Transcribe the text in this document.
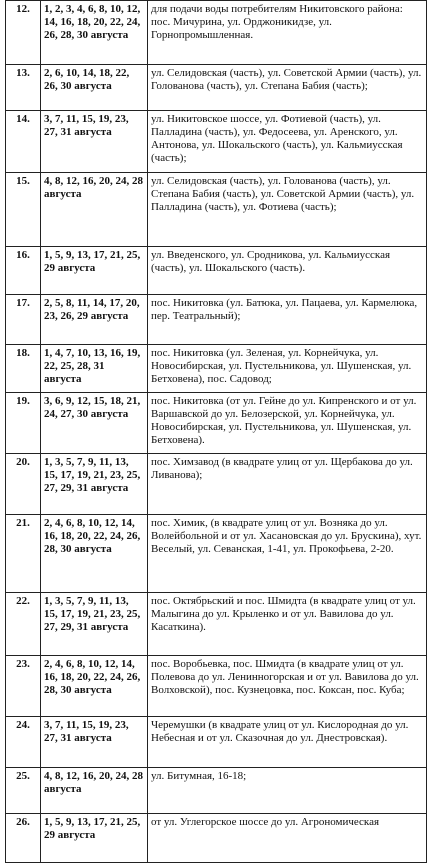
12.	1, 2, 3, 4, 6, 8, 10, 12, 14, 16, 18, 20, 22, 24, 26, 28, 30 августа	для подачи воды потребителям Никитовского района: пос. Мичурина, ул. Орджоникидзе, ул. Горнопромышленная.
13.	2, 6, 10, 14, 18, 22, 26, 30 августа	ул. Селидовская (часть), ул. Советской Армии (часть), ул. Голованова (часть), ул. Степана Бабия (часть);
14.	3, 7, 11, 15, 19, 23, 27, 31 августа	ул. Никитовское шоссе, ул. Фотиевой (часть), ул. Палладина (часть), ул. Федосеева, ул. Аренского, ул. Антонова, ул. Шокальского (часть), ул. Кальмиусская (часть);
15.	4, 8, 12, 16, 20, 24, 28 августа	ул. Селидовская (часть), ул. Голованова (часть), ул. Степана Бабия (часть), ул. Советской Армии (часть), ул. Палладина (часть), ул. Фотиева (часть);
16.	1, 5, 9, 13, 17, 21, 25, 29 августа	ул. Введенского, ул. Сродникова, ул. Кальмиусская (часть), ул. Шокальского (часть).
17.	2, 5, 8, 11, 14, 17, 20, 23, 26, 29 августа	пос. Никитовка (ул. Батюка, ул. Пацаева, ул. Кармелюка, пер. Театральный);
18.	1, 4, 7, 10, 13, 16, 19, 22, 25, 28, 31 августа	пос. Никитовка (ул. Зеленая, ул. Корнейчука, ул. Новосибирская, ул. Пустельникова, ул. Шушенская, ул. Бетховена), пос. Садовод;
19.	3, 6, 9, 12, 15, 18, 21, 24, 27, 30 августа	пос. Никитовка (от ул. Гейне до ул. Кипренского и от ул. Варшавской до ул. Белозерской, ул. Корнейчука, ул. Новосибирская, ул. Пустельникова, ул. Шушенская, ул. Бетховена).
20.	1, 3, 5, 7, 9, 11, 13, 15, 17, 19, 21, 23, 25, 27, 29, 31 августа	пос. Химзавод (в квадрате улиц от ул. Щербакова до ул. Ливанова);
21.	2, 4, 6, 8, 10, 12, 14, 16, 18, 20, 22, 24, 26, 28, 30 августа	пос. Химик, (в квадрате улиц от ул. Возняка до ул. Волейбольной и от ул. Хасановская до ул. Брускина), хут. Веселый, ул. Севанская, 1-41, ул. Прокофьева, 2-20.
22.	1, 3, 5, 7, 9, 11, 13, 15, 17, 19, 21, 23, 25, 27, 29, 31 августа	пос. Октябрьский и пос. Шмидта (в квадрате улиц от ул. Малыгина до ул. Крыленко и от ул. Вавилова до ул. Касаткина).
23.	2, 4, 6, 8, 10, 12, 14, 16, 18, 20, 22, 24, 26, 28, 30 августа	пос. Воробьевка, пос. Шмидта (в квадрате улиц от ул. Полевова до ул. Ленинногорская и от ул. Вавилова до ул. Волховской), пос. Кузнецовка, пос. Коксан, пос. Куба;
24.	3, 7, 11, 15, 19, 23, 27, 31 августа	Черемушки (в квадрате улиц от ул. Кислородная до ул. Небесная и от ул. Сказочная до ул. Днестровская).
25.	4, 8, 12, 16, 20, 24, 28 августа	ул. Битумная, 16-18;
26.	1, 5, 9, 13, 17, 21, 25, 29 августа	от ул. Углегорское шоссе до ул. Агрономическая
